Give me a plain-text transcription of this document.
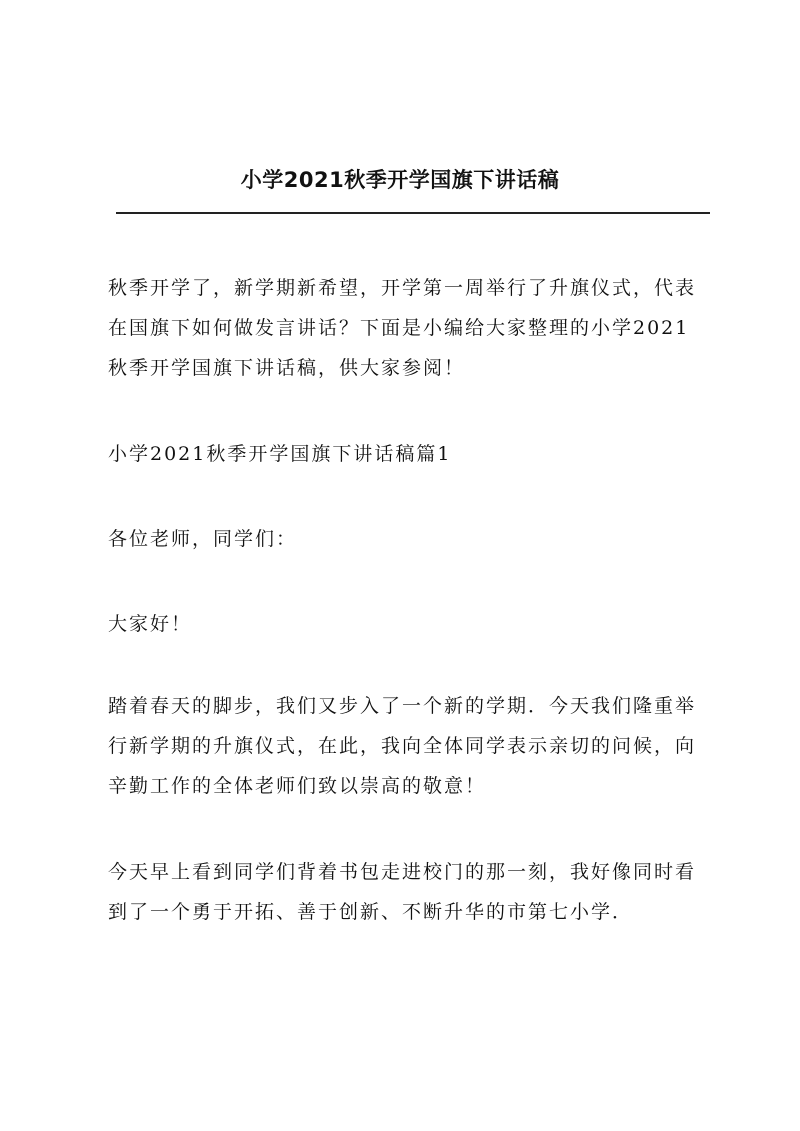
小学2021秋季开学国旗下讲话稿
秋季开学了，新学期新希望，开学第一周举行了升旗仪式，代表
在国旗下如何做发言讲话？下面是小编给大家整理的小学2021
秋季开学国旗下讲话稿，供大家参阅！
小学2021秋季开学国旗下讲话稿篇1
各位老师，同学们：
大家好！
踏着春天的脚步，我们又步入了一个新的学期．今天我们隆重举
行新学期的升旗仪式，在此，我向全体同学表示亲切的问候，向
辛勤工作的全体老师们致以崇高的敬意！
今天早上看到同学们背着书包走进校门的那一刻，我好像同时看
到了一个勇于开拓、善于创新、不断升华的市第七小学．
